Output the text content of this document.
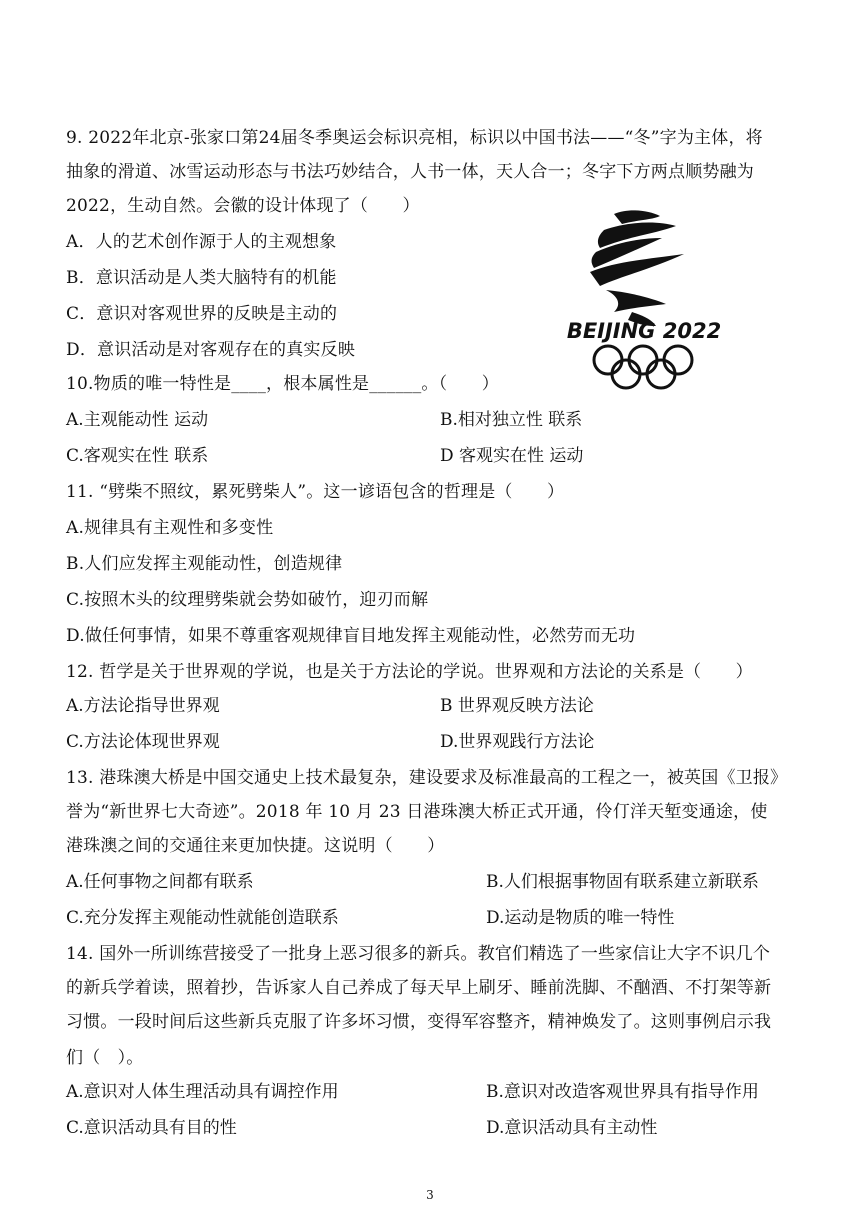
9. 2022年北京-张家口第24届冬季奥运会标识亮相，标识以中国书法——“冬”字为主体，将
抽象的滑道、冰雪运动形态与书法巧妙结合，人书一体，天人合一；冬字下方两点顺势融为
2022，生动自然。会徽的设计体现了（　　）
A．人的艺术创作源于人的主观想象
B．意识活动是人类大脑特有的机能
C．意识对客观世界的反映是主动的
D．意识活动是对客观存在的真实反映
BEIJING 2022
10.物质的唯一特性是____，根本属性是______。（　　）
A.主观能动性 运动	B.相对独立性 联系
C.客观实在性 联系	D 客观实在性 运动
11. “劈柴不照纹，累死劈柴人”。这一谚语包含的哲理是（　　）
A.规律具有主观性和多变性
B.人们应发挥主观能动性，创造规律
C.按照木头的纹理劈柴就会势如破竹，迎刃而解
D.做任何事情，如果不尊重客观规律盲目地发挥主观能动性，必然劳而无功
12. 哲学是关于世界观的学说，也是关于方法论的学说。世界观和方法论的关系是（　　）
A.方法论指导世界观	B 世界观反映方法论
C.方法论体现世界观	D.世界观践行方法论
13. 港珠澳大桥是中国交通史上技术最复杂，建设要求及标准最高的工程之一，被英国《卫报》
誉为“新世界七大奇迹”。2018 年 10 月 23 日港珠澳大桥正式开通，伶仃洋天堑变通途，使
港珠澳之间的交通往来更加快捷。这说明（　　）
A.任何事物之间都有联系	B.人们根据事物固有联系建立新联系
C.充分发挥主观能动性就能创造联系	D.运动是物质的唯一特性
14. 国外一所训练营接受了一批身上恶习很多的新兵。教官们精选了一些家信让大字不识几个
的新兵学着读，照着抄，告诉家人自己养成了每天早上刷牙、睡前洗脚、不酗酒、不打架等新
习惯。一段时间后这些新兵克服了许多坏习惯，变得军容整齐，精神焕发了。这则事例启示我
们（　）。
A.意识对人体生理活动具有调控作用	B.意识对改造客观世界具有指导作用
C.意识活动具有目的性	D.意识活动具有主动性
3
